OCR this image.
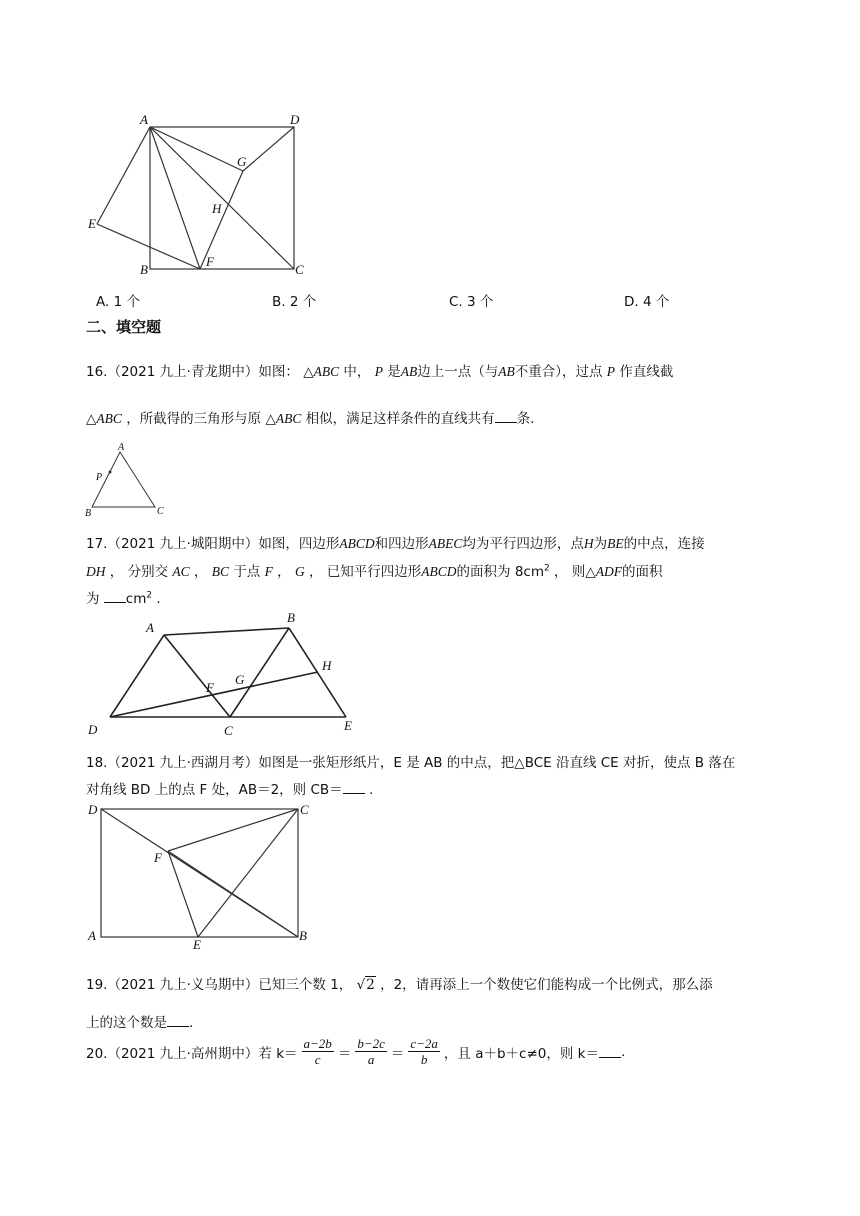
A	D
G
E
H
B
F
C
A. 1 个	B. 2 个	C. 3 个	D. 4 个
二、填空题
16.（2021 九上·青龙期中）如图： △ABC 中， P 是AB边上一点（与AB不重合），过点 P 作直线截
△ABC ，所截得的三角形与原 △ABC 相似，满足这样条件的直线共有 条.
A
P
B	C
17.（2021 九上·城阳期中）如图，四边形ABCD和四边形ABEC均为平行四边形，点H为BE的中点，连接
DH ， 分别交 AC ， BC 于点 F ， G ， 已知平行四边形ABCD的面积为 $8cm^2$ ， 则△ADF的面积
为 $cm^2$ .
A
B
H
F
G
D	C	E
18.（2021 九上·西湖月考）如图是一张矩形纸片，E 是 AB 的中点，把△BCE 沿直线 CE 对折，使点 B 落在
对角线 BD 上的点 F 处，AB＝2，则 CB＝ .
D	C
F
A
E
B
19.（2021 九上·义乌期中）已知三个数 1， √2 ，2，请再添上一个数使它们能构成一个比例式，那么添
上的这个数是 .
20.（2021 九上·高州期中）若 $k= \frac{a-2b}{c} = \frac{b-2c}{a} = \frac{c-2a}{b}$ ，且 a＋b＋c≠0，则 k＝ .
